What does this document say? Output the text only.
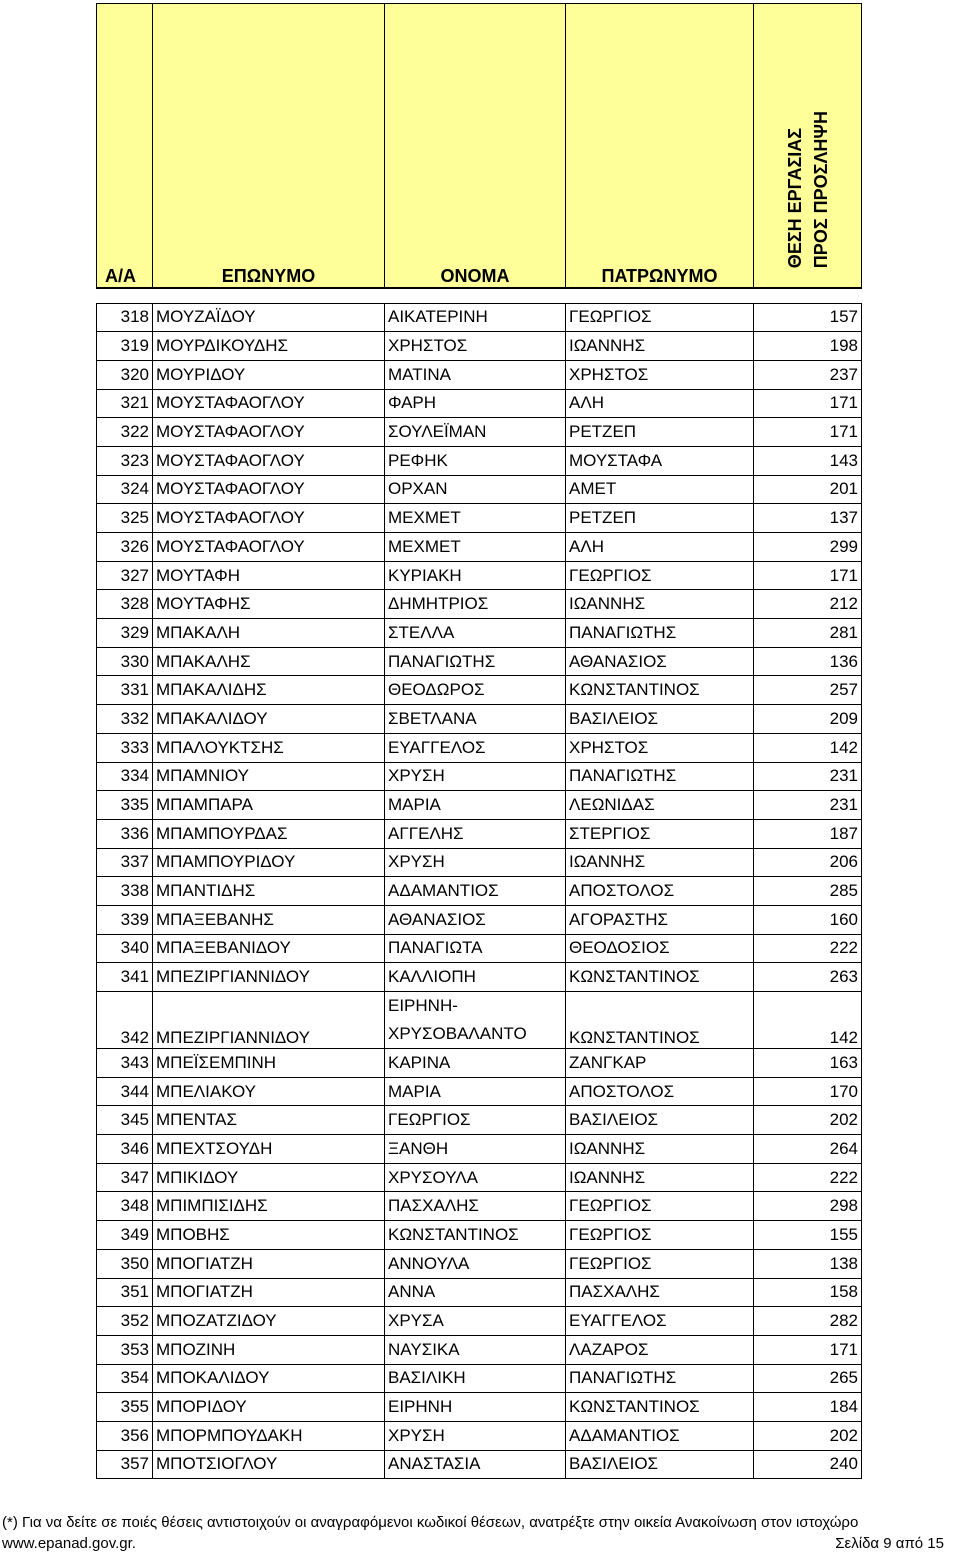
Α/Α	ΕΠΩΝΥΜΟ	ΟΝΟΜΑ	ΠΑΤΡΩΝΥΜΟ	ΘΕΣΗ ΕΡΓΑΣΙΑΣ ΠΡΟΣ ΠΡΟΣΛΗΨΗ

318	ΜΟΥΖΑΪΔΟΥ	ΑΙΚΑΤΕΡΙΝΗ	ΓΕΩΡΓΙΟΣ	157
319	ΜΟΥΡΔΙΚΟΥΔΗΣ	ΧΡΗΣΤΟΣ	ΙΩΑΝΝΗΣ	198
320	ΜΟΥΡΙΔΟΥ	ΜΑΤΙΝΑ	ΧΡΗΣΤΟΣ	237
321	ΜΟΥΣΤΑΦΑΟΓΛΟΥ	ΦΑΡΗ	ΑΛΗ	171
322	ΜΟΥΣΤΑΦΑΟΓΛΟΥ	ΣΟΥΛΕΪΜΑΝ	ΡΕΤΖΕΠ	171
323	ΜΟΥΣΤΑΦΑΟΓΛΟΥ	ΡΕΦΗΚ	ΜΟΥΣΤΑΦΑ	143
324	ΜΟΥΣΤΑΦΑΟΓΛΟΥ	ΟΡΧΑΝ	ΑΜΕΤ	201
325	ΜΟΥΣΤΑΦΑΟΓΛΟΥ	ΜΕΧΜΕΤ	ΡΕΤΖΕΠ	137
326	ΜΟΥΣΤΑΦΑΟΓΛΟΥ	ΜΕΧΜΕΤ	ΑΛΗ	299
327	ΜΟΥΤΑΦΗ	ΚΥΡΙΑΚΗ	ΓΕΩΡΓΙΟΣ	171
328	ΜΟΥΤΑΦΗΣ	ΔΗΜΗΤΡΙΟΣ	ΙΩΑΝΝΗΣ	212
329	ΜΠΑΚΑΛΗ	ΣΤΕΛΛΑ	ΠΑΝΑΓΙΩΤΗΣ	281
330	ΜΠΑΚΑΛΗΣ	ΠΑΝΑΓΙΩΤΗΣ	ΑΘΑΝΑΣΙΟΣ	136
331	ΜΠΑΚΑΛΙΔΗΣ	ΘΕΟΔΩΡΟΣ	ΚΩΝΣΤΑΝΤΙΝΟΣ	257
332	ΜΠΑΚΑΛΙΔΟΥ	ΣΒΕΤΛΑΝΑ	ΒΑΣΙΛΕΙΟΣ	209
333	ΜΠΑΛΟΥΚΤΣΗΣ	ΕΥΑΓΓΕΛΟΣ	ΧΡΗΣΤΟΣ	142
334	ΜΠΑΜΝΙΟΥ	ΧΡΥΣΗ	ΠΑΝΑΓΙΩΤΗΣ	231
335	ΜΠΑΜΠΑΡΑ	ΜΑΡΙΑ	ΛΕΩΝΙΔΑΣ	231
336	ΜΠΑΜΠΟΥΡΔΑΣ	ΑΓΓΕΛΗΣ	ΣΤΕΡΓΙΟΣ	187
337	ΜΠΑΜΠΟΥΡΙΔΟΥ	ΧΡΥΣΗ	ΙΩΑΝΝΗΣ	206
338	ΜΠΑΝΤΙΔΗΣ	ΑΔΑΜΑΝΤΙΟΣ	ΑΠΟΣΤΟΛΟΣ	285
339	ΜΠΑΞΕΒΑΝΗΣ	ΑΘΑΝΑΣΙΟΣ	ΑΓΟΡΑΣΤΗΣ	160
340	ΜΠΑΞΕΒΑΝΙΔΟΥ	ΠΑΝΑΓΙΩΤΑ	ΘΕΟΔΟΣΙΟΣ	222
341	ΜΠΕΖΙΡΓΙΑΝΝΙΔΟΥ	ΚΑΛΛΙΟΠΗ	ΚΩΝΣΤΑΝΤΙΝΟΣ	263
342	ΜΠΕΖΙΡΓΙΑΝΝΙΔΟΥ	ΕΙΡΗΝΗ-
ΧΡΥΣΟΒΑΛΑΝΤΟ	ΚΩΝΣΤΑΝΤΙΝΟΣ	142
343	ΜΠΕΪΣΕΜΠΙΝΗ	ΚΑΡΙΝΑ	ΖΑΝΓΚΑΡ	163
344	ΜΠΕΛΙΑΚΟΥ	ΜΑΡΙΑ	ΑΠΟΣΤΟΛΟΣ	170
345	ΜΠΕΝΤΑΣ	ΓΕΩΡΓΙΟΣ	ΒΑΣΙΛΕΙΟΣ	202
346	ΜΠΕΧΤΣΟΥΔΗ	ΞΑΝΘΗ	ΙΩΑΝΝΗΣ	264
347	ΜΠΙΚΙΔΟΥ	ΧΡΥΣΟΥΛΑ	ΙΩΑΝΝΗΣ	222
348	ΜΠΙΜΠΙΣΙΔΗΣ	ΠΑΣΧΑΛΗΣ	ΓΕΩΡΓΙΟΣ	298
349	ΜΠΟΒΗΣ	ΚΩΝΣΤΑΝΤΙΝΟΣ	ΓΕΩΡΓΙΟΣ	155
350	ΜΠΟΓΙΑΤΖΗ	ΑΝΝΟΥΛΑ	ΓΕΩΡΓΙΟΣ	138
351	ΜΠΟΓΙΑΤΖΗ	ΑΝΝΑ	ΠΑΣΧΑΛΗΣ	158
352	ΜΠΟΖΑΤΖΙΔΟΥ	ΧΡΥΣΑ	ΕΥΑΓΓΕΛΟΣ	282
353	ΜΠΟΖΙΝΗ	ΝΑΥΣΙΚΑ	ΛΑΖΑΡΟΣ	171
354	ΜΠΟΚΑΛΙΔΟΥ	ΒΑΣΙΛΙΚΗ	ΠΑΝΑΓΙΩΤΗΣ	265
355	ΜΠΟΡΙΔΟΥ	ΕΙΡΗΝΗ	ΚΩΝΣΤΑΝΤΙΝΟΣ	184
356	ΜΠΟΡΜΠΟΥΔΑΚΗ	ΧΡΥΣΗ	ΑΔΑΜΑΝΤΙΟΣ	202
357	ΜΠΟΤΣΙΟΓΛΟΥ	ΑΝΑΣΤΑΣΙΑ	ΒΑΣΙΛΕΙΟΣ	240
(*) Για να δείτε σε ποιές θέσεις αντιστοιχούν οι αναγραφόμενοι κωδικοί θέσεων, ανατρέξτε στην οικεία Ανακοίνωση στον ιστοχώρο
www.epanad.gov.gr.	Σελίδα 9 από 15
